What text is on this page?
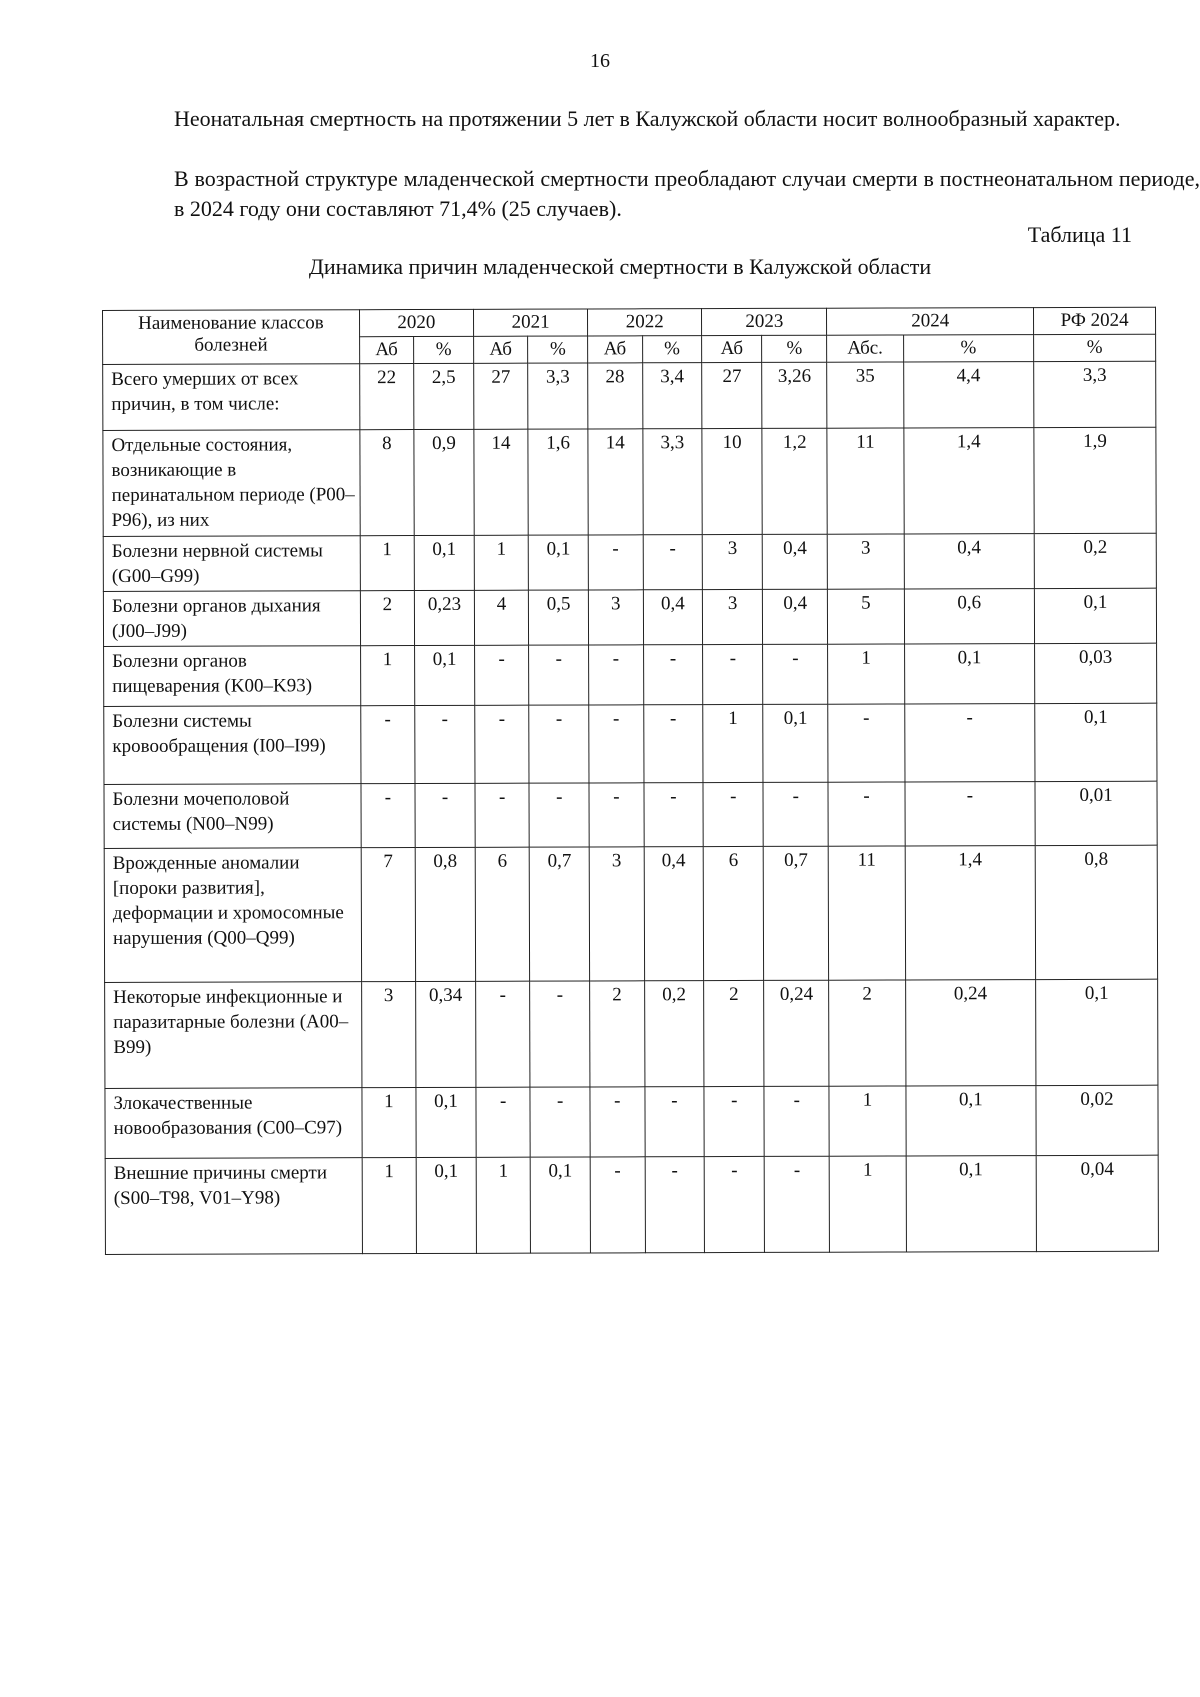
16

Неонатальная смертность на протяжении 5 лет в Калужской области носит волнообразный характер.

В возрастной структуре младенческой смертности преобладают случаи смерти в постнеонатальном периоде, в 2024 году они составляют 71,4% (25 случаев).

Таблица 11
Динамика причин младенческой смертности в Калужской области
Наименование классов болезней	2020		2021		2022		2023		2024		РФ 2024
	Аб	%	Аб	%	Аб	%	Аб	%	Абс.	%	%
Всего умерших от всех причин, в том числе:	22	2,5	27	3,3	28	3,4	27	3,26	35	4,4	3,3
Отдельные состояния, возникающие в перинатальном периоде (P00–P96), из них	8	0,9	14	1,6	14	3,3	10	1,2	11	1,4	1,9
Болезни нервной системы (G00–G99)	1	0,1	1	0,1	-	-	3	0,4	3	0,4	0,2
Болезни органов дыхания (J00–J99)	2	0,23	4	0,5	3	0,4	3	0,4	5	0,6	0,1
Болезни органов пищеварения (K00–K93)	1	0,1	-	-	-	-	-	-	1	0,1	0,03
Болезни системы кровообращения (I00–I99)	-	-	-	-	-	-	1	0,1	-	-	0,1
Болезни мочеполовой системы (N00–N99)	-	-	-	-	-	-	-	-	-	-	0,01
Врожденные аномалии [пороки развития], деформации и хромосомные нарушения (Q00–Q99)	7	0,8	6	0,7	3	0,4	6	0,7	11	1,4	0,8
Некоторые инфекционные и паразитарные болезни (A00–B99)	3	0,34	-	-	2	0,2	2	0,24	2	0,24	0,1
Злокачественные новообразования (C00–C97)	1	0,1	-	-	-	-	-	-	1	0,1	0,02
Внешние причины смерти (S00–T98, V01–Y98)	1	0,1	1	0,1	-	-	-	-	1	0,1	0,04
